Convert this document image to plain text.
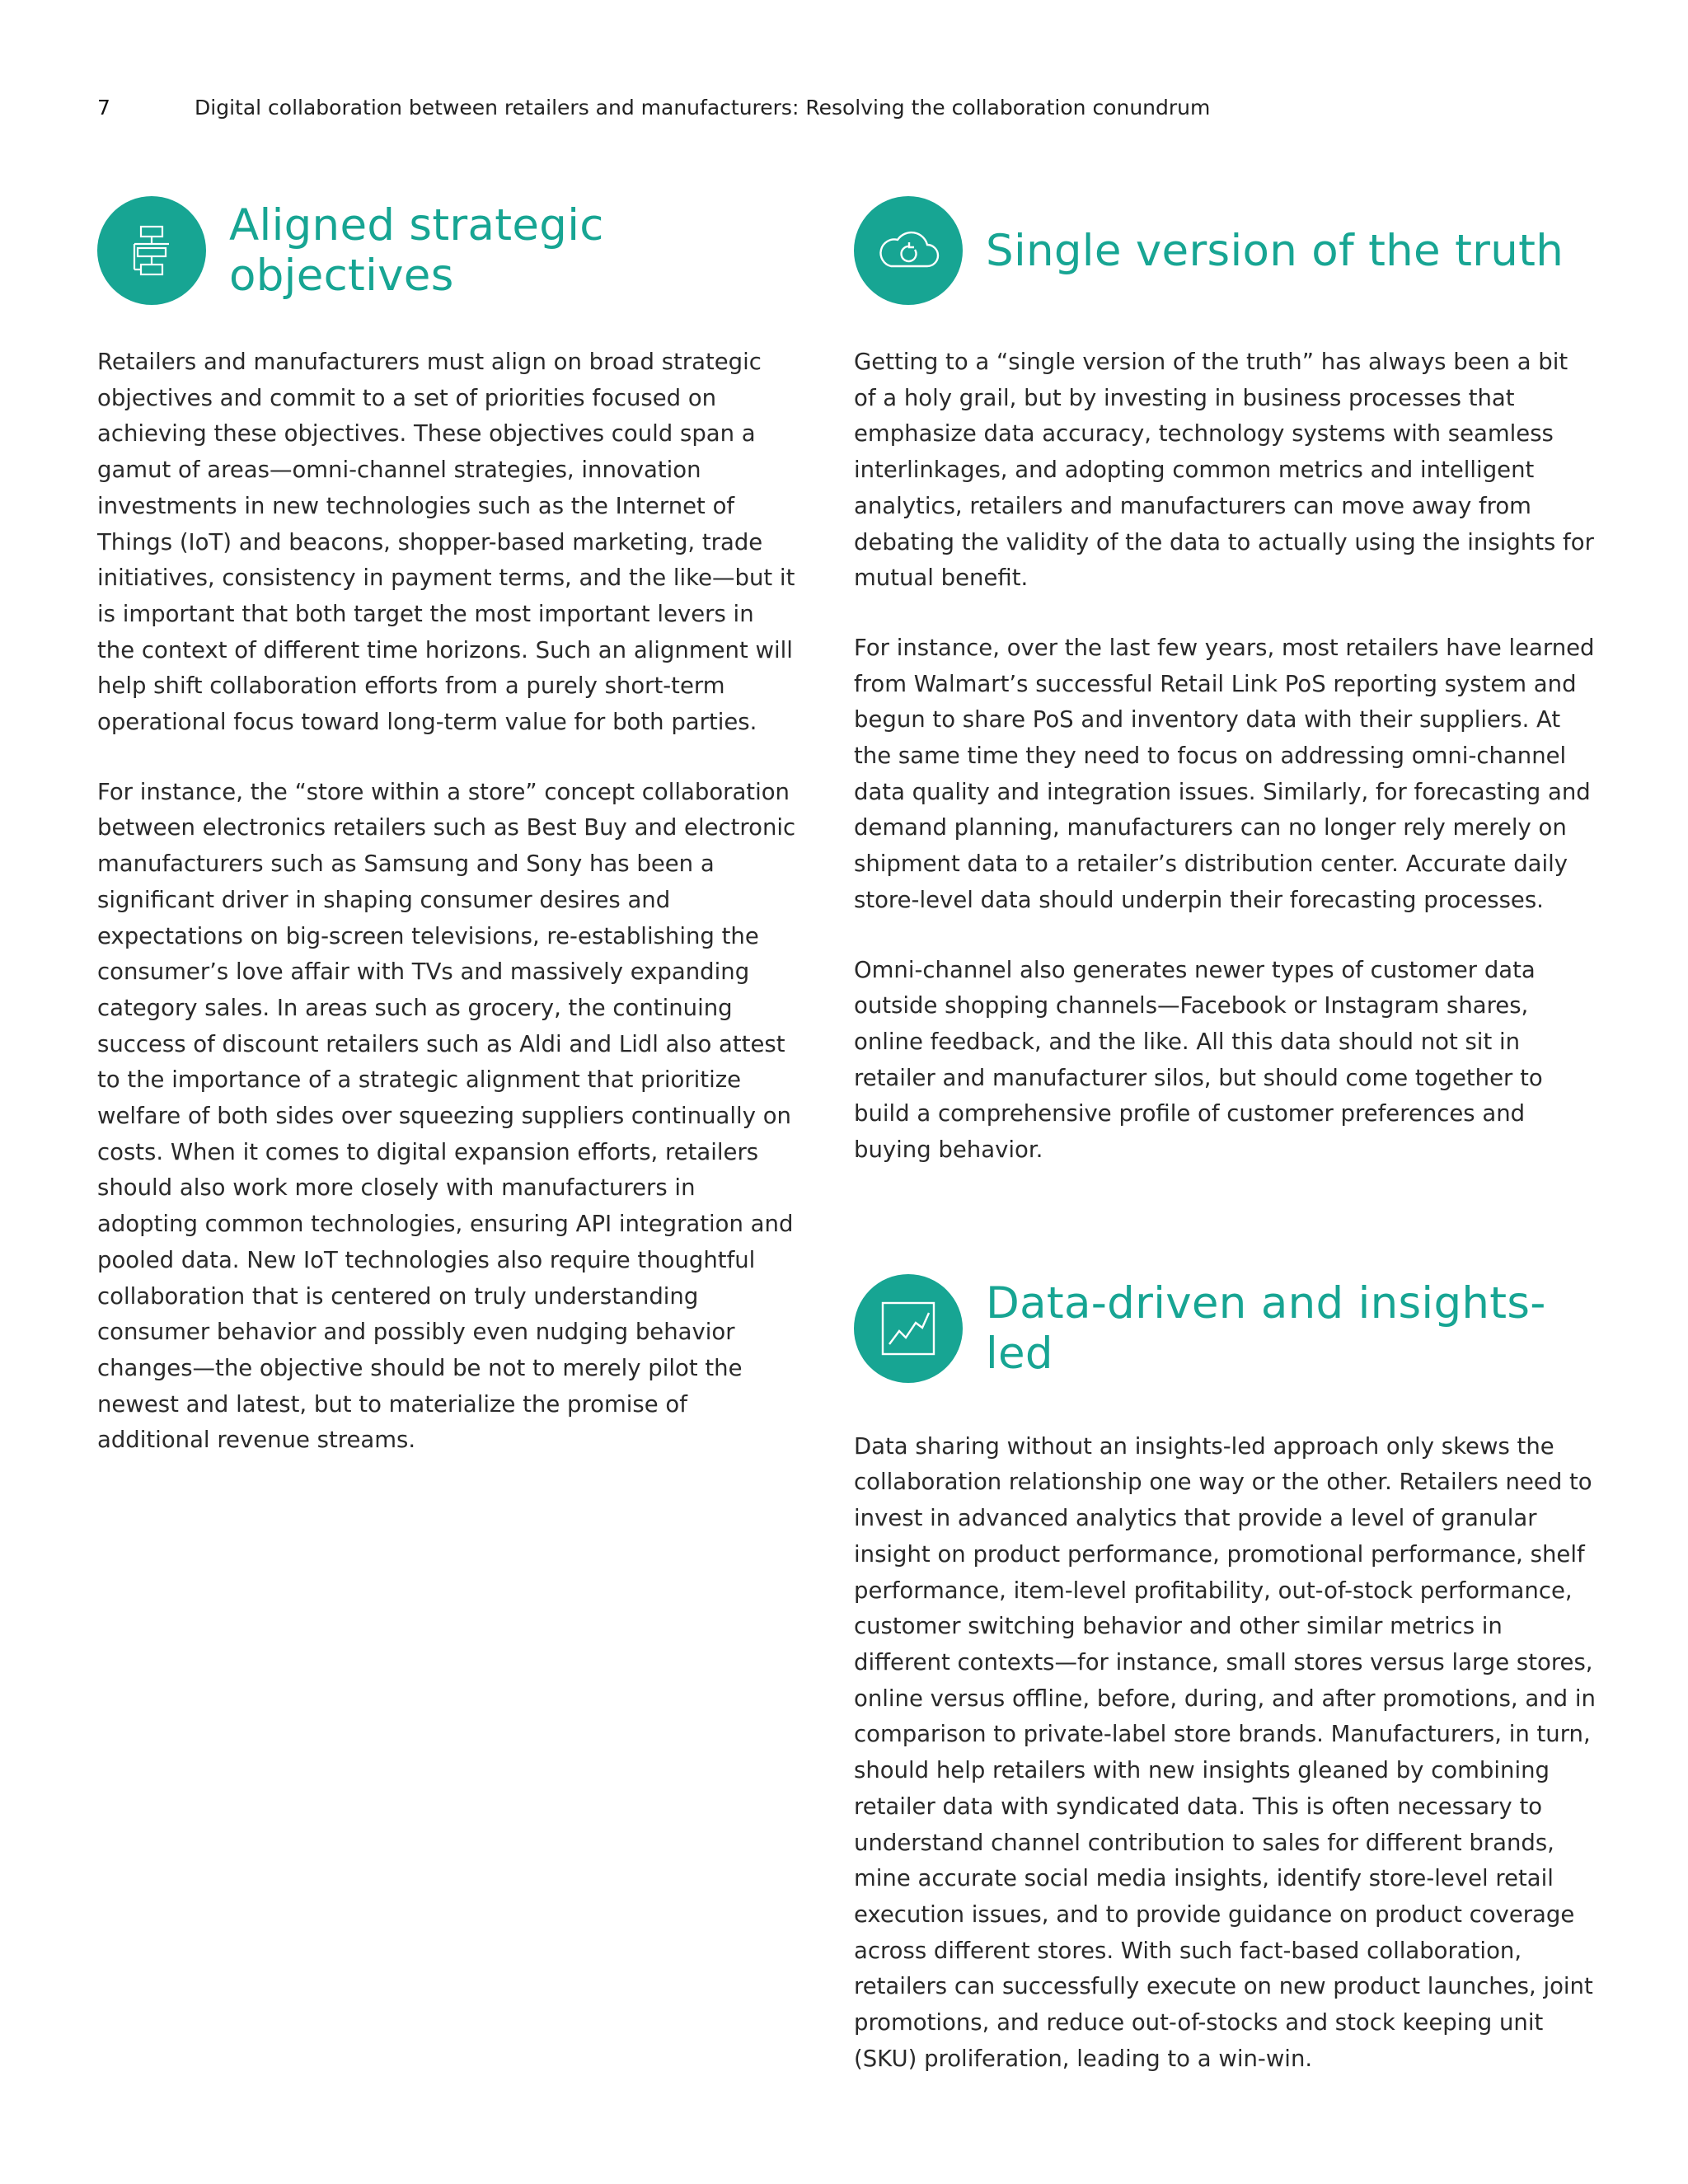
7	Digital collaboration between retailers and manufacturers: Resolving the collaboration conundrum
Aligned strategic objectives

Retailers and manufacturers must align on broad strategic objectives and commit to a set of priorities focused on achieving these objectives. These objectives could span a gamut of areas—omni-channel strategies, innovation investments in new technologies such as the Internet of Things (IoT) and beacons, shopper-based marketing, trade initiatives, consistency in payment terms, and the like—but it is important that both target the most important levers in the context of different time horizons. Such an alignment will help shift collaboration efforts from a purely short-term operational focus toward long-term value for both parties.

For instance, the “store within a store” concept collaboration between electronics retailers such as Best Buy and electronic manufacturers such as Samsung and Sony has been a significant driver in shaping consumer desires and expectations on big-screen televisions, re-establishing the consumer’s love affair with TVs and massively expanding category sales. In areas such as grocery, the continuing success of discount retailers such as Aldi and Lidl also attest to the importance of a strategic alignment that prioritize welfare of both sides over squeezing suppliers continually on costs. When it comes to digital expansion efforts, retailers should also work more closely with manufacturers in adopting common technologies, ensuring API integration and pooled data. New IoT technologies also require thoughtful collaboration that is centered on truly understanding consumer behavior and possibly even nudging behavior changes—the objective should be not to merely pilot the newest and latest, but to materialize the promise of additional revenue streams.

Single version of the truth

Getting to a “single version of the truth” has always been a bit of a holy grail, but by investing in business processes that emphasize data accuracy, technology systems with seamless interlinkages, and adopting common metrics and intelligent analytics, retailers and manufacturers can move away from debating the validity of the data to actually using the insights for mutual benefit.

For instance, over the last few years, most retailers have learned from Walmart’s successful Retail Link PoS reporting system and begun to share PoS and inventory data with their suppliers. At the same time they need to focus on addressing omni-channel data quality and integration issues. Similarly, for forecasting and demand planning, manufacturers can no longer rely merely on shipment data to a retailer’s distribution center. Accurate daily store-level data should underpin their forecasting processes.

Omni-channel also generates newer types of customer data outside shopping channels—Facebook or Instagram shares, online feedback, and the like. All this data should not sit in retailer and manufacturer silos, but should come together to build a comprehensive profile of customer preferences and buying behavior.

Data-driven and insights-led

Data sharing without an insights-led approach only skews the collaboration relationship one way or the other. Retailers need to invest in advanced analytics that provide a level of granular insight on product performance, promotional performance, shelf performance, item-level profitability, out-of-stock performance, customer switching behavior and other similar metrics in different contexts—for instance, small stores versus large stores, online versus offline, before, during, and after promotions, and in comparison to private-label store brands. Manufacturers, in turn, should help retailers with new insights gleaned by combining retailer data with syndicated data. This is often necessary to understand channel contribution to sales for different brands, mine accurate social media insights, identify store-level retail execution issues, and to provide guidance on product coverage across different stores. With such fact-based collaboration, retailers can successfully execute on new product launches, joint promotions, and reduce out-of-stocks and stock keeping unit (SKU) proliferation, leading to a win-win.
